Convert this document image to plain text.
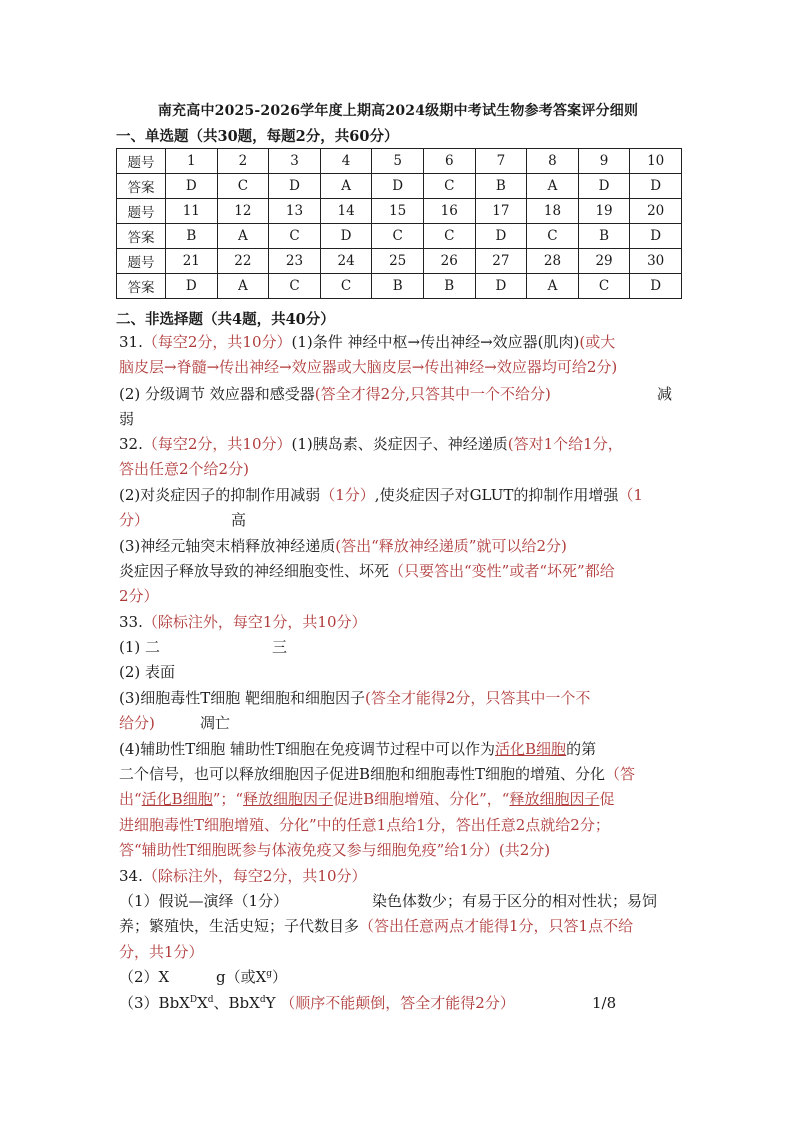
南充高中2025-2026学年度上期高2024级期中考试生物参考答案评分细则
一、单选题（共30题，每题2分，共60分）
题号	1	2	3	4	5	6	7	8	9	10
答案	D	C	D	A	D	C	B	A	D	D
题号	11	12	13	14	15	16	17	18	19	20
答案	B	A	C	D	C	C	D	C	B	D
题号	21	22	23	24	25	26	27	28	29	30
答案	D	A	C	C	B	B	D	A	C	D
二、非选择题（共4题，共40分）
31.（每空2分，共10分）(1)条件 神经中枢→传出神经→效应器(肌肉)(或大
脑皮层→脊髓→传出神经→效应器或大脑皮层→传出神经→效应器均可给2分)
(2) 分级调节 效应器和感受器(答全才得2分,只答其中一个不给分)	减
弱
32.（每空2分，共10分）(1)胰岛素、炎症因子、神经递质(答对1个给1分，
答出任意2个给2分)
(2)对炎症因子的抑制作用减弱（1分）,使炎症因子对GLUT的抑制作用增强（1
分）	高
(3)神经元轴突末梢释放神经递质(答出“释放神经递质”就可以给2分)
炎症因子释放导致的神经细胞变性、坏死（只要答出“变性”或者“坏死”都给
2分）
33.（除标注外，每空1分，共10分）
(1) 二	三
(2) 表面
(3)细胞毒性T细胞 靶细胞和细胞因子(答全才能得2分，只答其中一个不
给分)	凋亡
(4)辅助性T细胞 辅助性T细胞在免疫调节过程中可以作为活化B细胞的第
二个信号，也可以释放细胞因子促进B细胞和细胞毒性T细胞的增殖、分化（答
出“活化B细胞”；“释放细胞因子促进B细胞增殖、分化”，“释放细胞因子促
进细胞毒性T细胞增殖、分化”中的任意1点给1分，答出任意2点就给2分；
答“辅助性T细胞既参与体液免疫又参与细胞免疫”给1分）(共2分)
34.（除标注外，每空2分，共10分）
（1）假说—演绎（1分）	染色体数少；有易于区分的相对性状；易饲
养；繁殖快，生活史短；子代数目多（答出任意两点才能得1分，只答1点不给
分，共1分）
（2）X	g（或$X^g$）
$(3)BbX^DX^d$、BbX$^d$Y （顺序不能颠倒，答全才能得2分）	1/8
